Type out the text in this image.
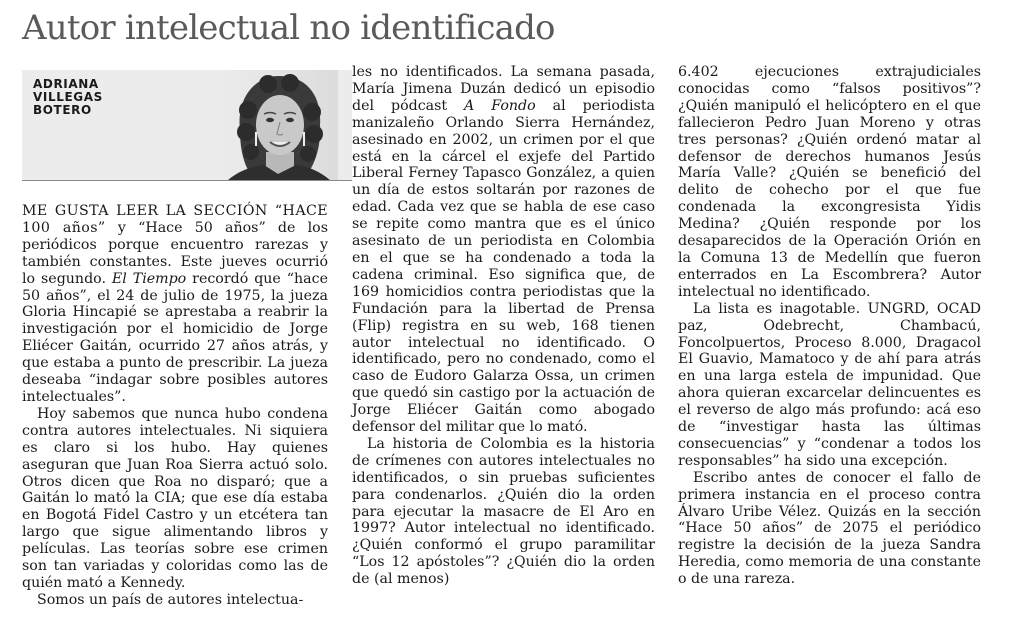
Autor intelectual no identificado
ADRIANA
VILLEGAS
BOTERO

ME GUSTA LEER LA SECCIÓN “HACE 100 años” y “Hace 50 años” de los periódicos porque encuentro rarezas y también constantes. Este jueves ocurrió lo segundo. El Tiempo recordó que “hace 50 años”, el 24 de julio de 1975, la jueza Gloria Hincapié se aprestaba a reabrir la investigación por el homicidio de Jorge Eliécer Gaitán, ocurrido 27 años atrás, y que estaba a punto de prescribir. La jueza deseaba “indagar sobre posibles autores intelectuales”.

Hoy sabemos que nunca hubo condena contra autores intelectuales. Ni siquiera es claro si los hubo. Hay quienes aseguran que Juan Roa Sierra actuó solo. Otros dicen que Roa no disparó; que a Gaitán lo mató la CIA; que ese día estaba en Bogotá Fidel Castro y un etcétera tan largo que sigue alimentando libros y películas. Las teorías sobre ese crimen son tan variadas y coloridas como las de quién mató a Kennedy.

Somos un país de autores intelectua-

les no identificados. La semana pasada, María Jimena Duzán dedicó un episodio del pódcast A Fondo al periodista manizaleño Orlando Sierra Hernández, asesinado en 2002, un crimen por el que está en la cárcel el exjefe del Partido Liberal Ferney Tapasco González, a quien un día de estos soltarán por razones de edad. Cada vez que se habla de ese caso se repite como mantra que es el único asesinato de un periodista en Colombia en el que se ha condenado a toda la cadena criminal. Eso significa que, de 169 homicidios contra periodistas que la Fundación para la libertad de Prensa (Flip) registra en su web, 168 tienen autor intelectual no identificado. O identificado, pero no condenado, como el caso de Eudoro Galarza Ossa, un crimen que quedó sin castigo por la actuación de Jorge Eliécer Gaitán como abogado defensor del militar que lo mató.

La historia de Colombia es la historia de crímenes con autores intelectuales no identificados, o sin pruebas suficientes para condenarlos. ¿Quién dio la orden para ejecutar la masacre de El Aro en 1997? Autor intelectual no identificado. ¿Quién conformó el grupo paramilitar “Los 12 apóstoles”? ¿Quién dio la orden de (al menos)

6.402 ejecuciones extrajudiciales conocidas como “falsos positivos”? ¿Quién manipuló el helicóptero en el que fallecieron Pedro Juan Moreno y otras tres personas? ¿Quién ordenó matar al defensor de derechos humanos Jesús María Valle? ¿Quién se benefició del delito de cohecho por el que fue condenada la excongresista Yidis Medina? ¿Quién responde por los desaparecidos de la Operación Orión en la Comuna 13 de Medellín que fueron enterrados en La Escombrera? Autor intelectual no identificado.

La lista es inagotable. UNGRD, OCAD paz, Odebrecht, Chambacú, Foncolpuertos, Proceso 8.000, Dragacol El Guavio, Mamatoco y de ahí para atrás en una larga estela de impunidad. Que ahora quieran excarcelar delincuentes es el reverso de algo más profundo: acá eso de “investigar hasta las últimas consecuencias” y “condenar a todos los responsables” ha sido una excepción.

Escribo antes de conocer el fallo de primera instancia en el proceso contra Álvaro Uribe Vélez. Quizás en la sección “Hace 50 años” de 2075 el periódico registre la decisión de la jueza Sandra Heredia, como memoria de una constante o de una rareza.
